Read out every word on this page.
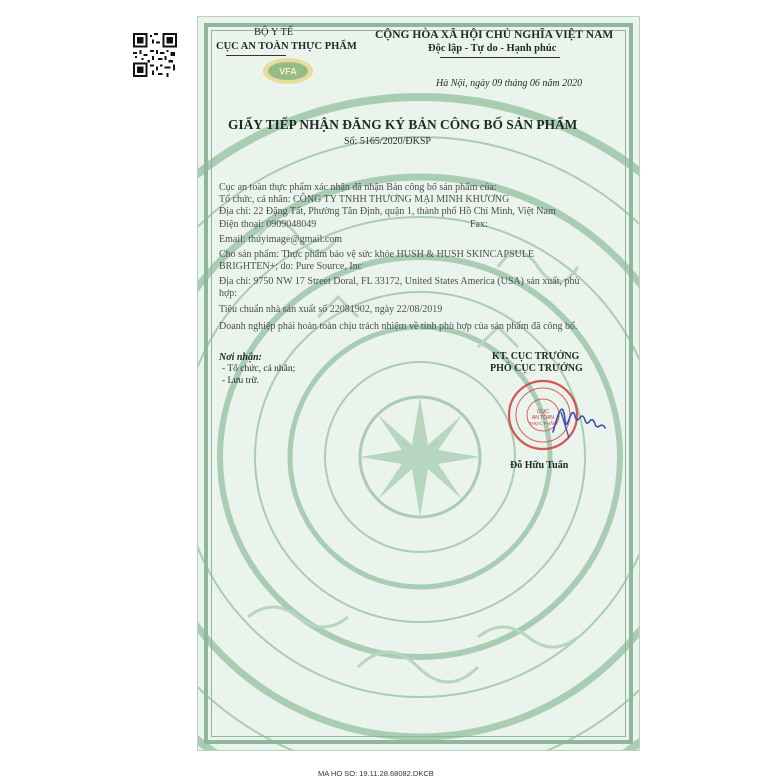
BỘ Y TẾ
CỤC AN TOÀN THỰC PHẨM
VFA
CỘNG HÒA XÃ HỘI CHỦ NGHĨA VIỆT NAM
Độc lập - Tự do - Hạnh phúc
Hà Nội, ngày 09 tháng 06 năm 2020
GIẤY TIẾP NHẬN ĐĂNG KÝ BẢN CÔNG BỐ SẢN PHẨM
Số: 5165/2020/ĐKSP
Cục an toàn thực phẩm xác nhận đã nhận Bản công bố sản phẩm của:
Tổ chức, cá nhân: CÔNG TY TNHH THƯƠNG MẠI MINH KHƯƠNG
Địa chỉ: 22 Đặng Tất, Phường Tân Định, quận 1, thành phố Hồ Chí Minh, Việt Nam
Điện thoại: 0909048049	Fax:
Email: thuyimage@gmail.com
Cho sản phẩm: Thực phẩm bảo vệ sức khỏe HUSH & HUSH SKINCAPSULE
BRIGHTEN+; do: Pure Source, Inc
Địa chỉ: 9750 NW 17 Street Doral, FL 33172, United States America (USA) sản xuất, phù
hợp:
Tiêu chuẩn nhà sản xuất số 22081902, ngày 22/08/2019
Doanh nghiệp phải hoàn toàn chịu trách nhiệm về tính phù hợp của sản phẩm đã công bố.
Nơi nhận:
- Tổ chức, cá nhân;
- Lưu trữ.
KT. CỤC TRƯỞNG
PHÓ CỤC TRƯỞNG
CỤC
AN TOÀN
THỰC PHẨM
Đỗ Hữu Tuấn
MA HO SO: 19.11.28.68082.DKCB
